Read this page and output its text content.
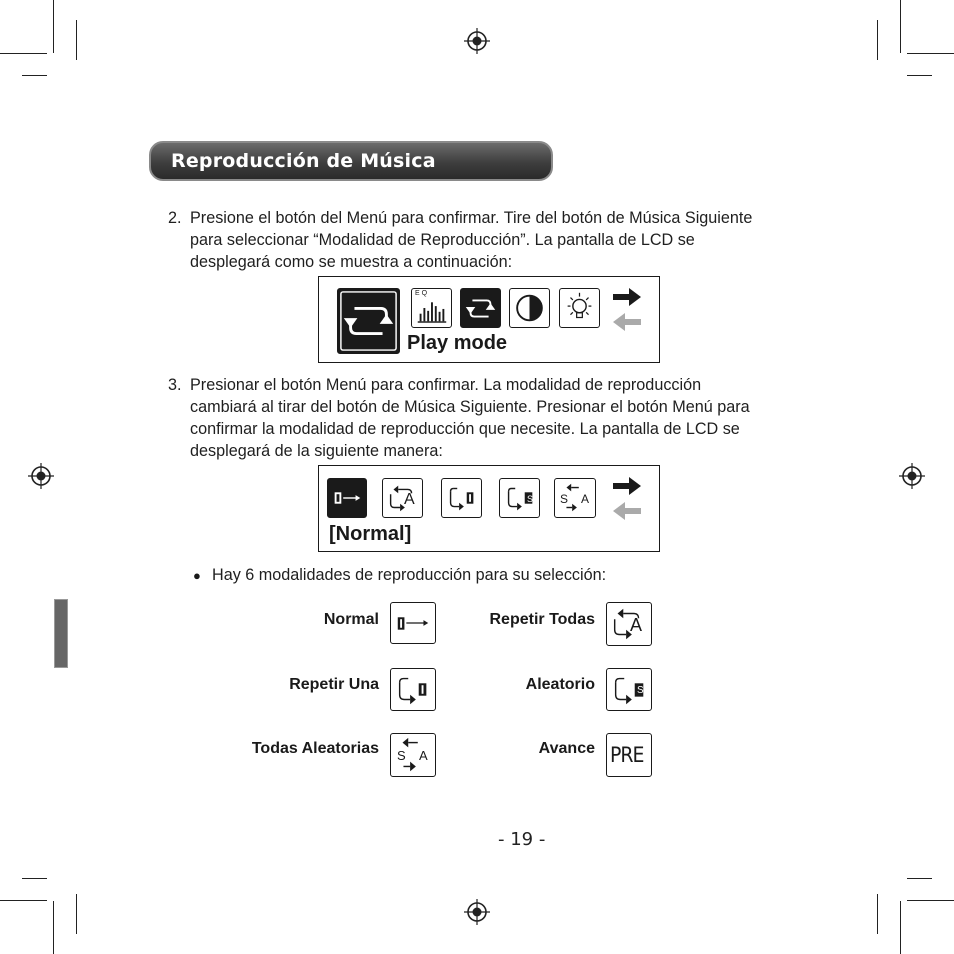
Reproducción de Música
2. Presione el botón del Menú para confirmar. Tire del botón de Música Siguiente
para seleccionar “Modalidad de Reproducción”. La pantalla de LCD se
desplegará como se muestra a continuación:
E Q
Play mode
3. Presionar el botón Menú para confirmar. La modalidad de reproducción
cambiará al tirar del botón de Música Siguiente. Presionar el botón Menú para
confirmar la modalidad de reproducción que necesite. La pantalla de LCD se
desplegará de la siguiente manera:
A	S S A
[Normal]
● Hay 6 modalidades de reproducción para su selección:
Normal	Repetir Todas A
Repetir Una	Aleatorio	S
Todas Aleatorias S A	Avance PRE
- 19 -
